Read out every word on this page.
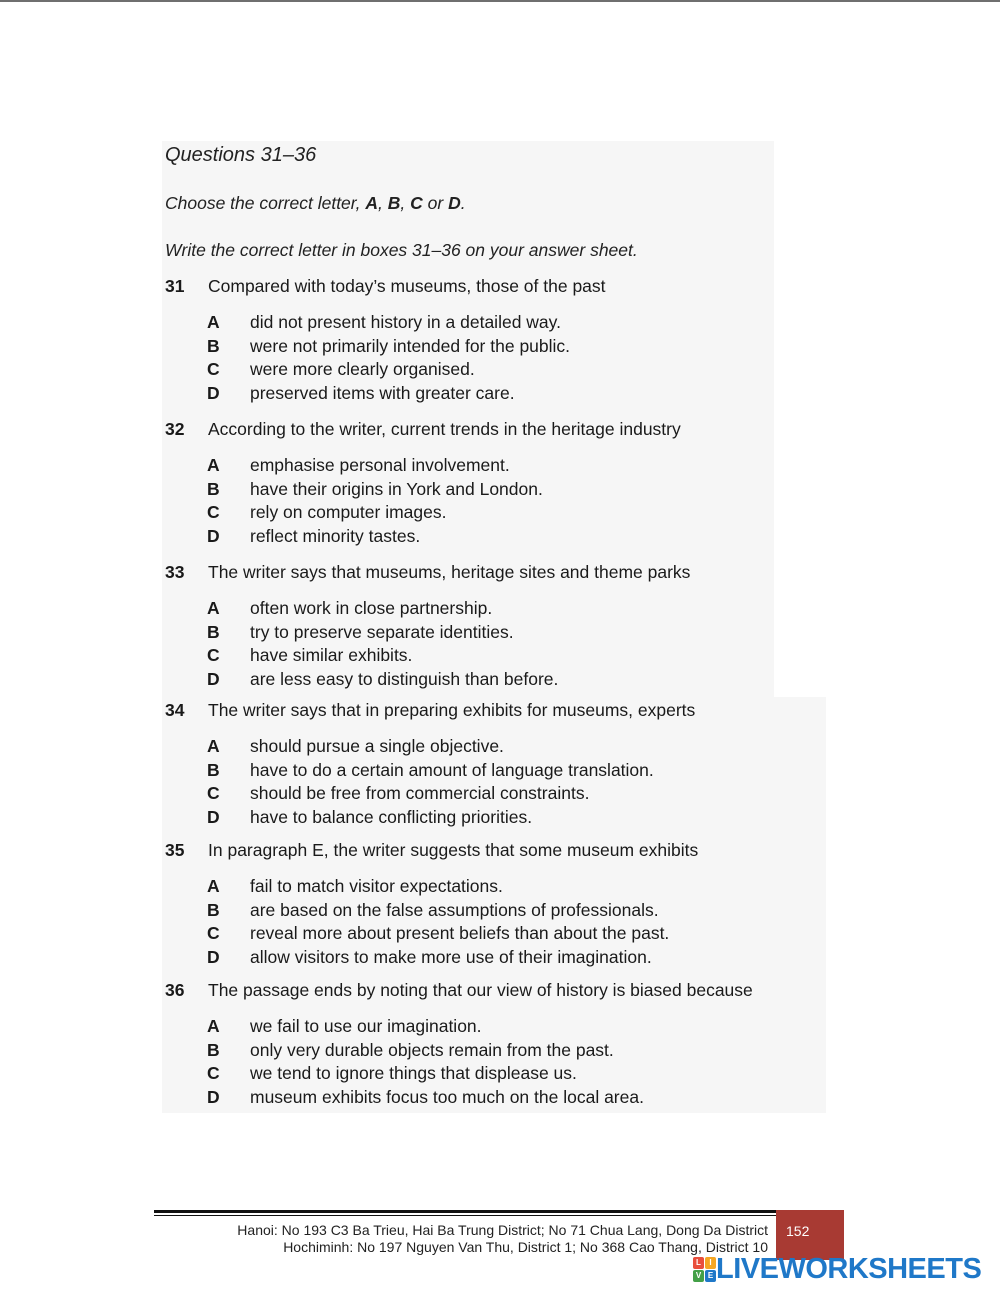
Questions 31–36
Choose the correct letter, A, B, C or D.
Write the correct letter in boxes 31–36 on your answer sheet.
31	Compared with today’s museums, those of the past
A	did not present history in a detailed way.
B	were not primarily intended for the public.
C	were more clearly organised.
D	preserved items with greater care.
32	According to the writer, current trends in the heritage industry
A	emphasise personal involvement.
B	have their origins in York and London.
C	rely on computer images.
D	reflect minority tastes.
33	The writer says that museums, heritage sites and theme parks
A	often work in close partnership.
B	try to preserve separate identities.
C	have similar exhibits.
D	are less easy to distinguish than before.
34	The writer says that in preparing exhibits for museums, experts
A	should pursue a single objective.
B	have to do a certain amount of language translation.
C	should be free from commercial constraints.
D	have to balance conflicting priorities.
35	In paragraph E, the writer suggests that some museum exhibits
A	fail to match visitor expectations.
B	are based on the false assumptions of professionals.
C	reveal more about present beliefs than about the past.
D	allow visitors to make more use of their imagination.
36	The passage ends by noting that our view of history is biased because
A	we fail to use our imagination.
B	only very durable objects remain from the past.
C	we tend to ignore things that displease us.
D	museum exhibits focus too much on the local area.
Hanoi: No 193 C3 Ba Trieu, Hai Ba Trung District; No 71 Chua Lang, Dong Da District
Hochiminh: No 197 Nguyen Van Thu, District 1; No 368 Cao Thang, District 10
152
L	I
V E LIVEWORKSHEETS
